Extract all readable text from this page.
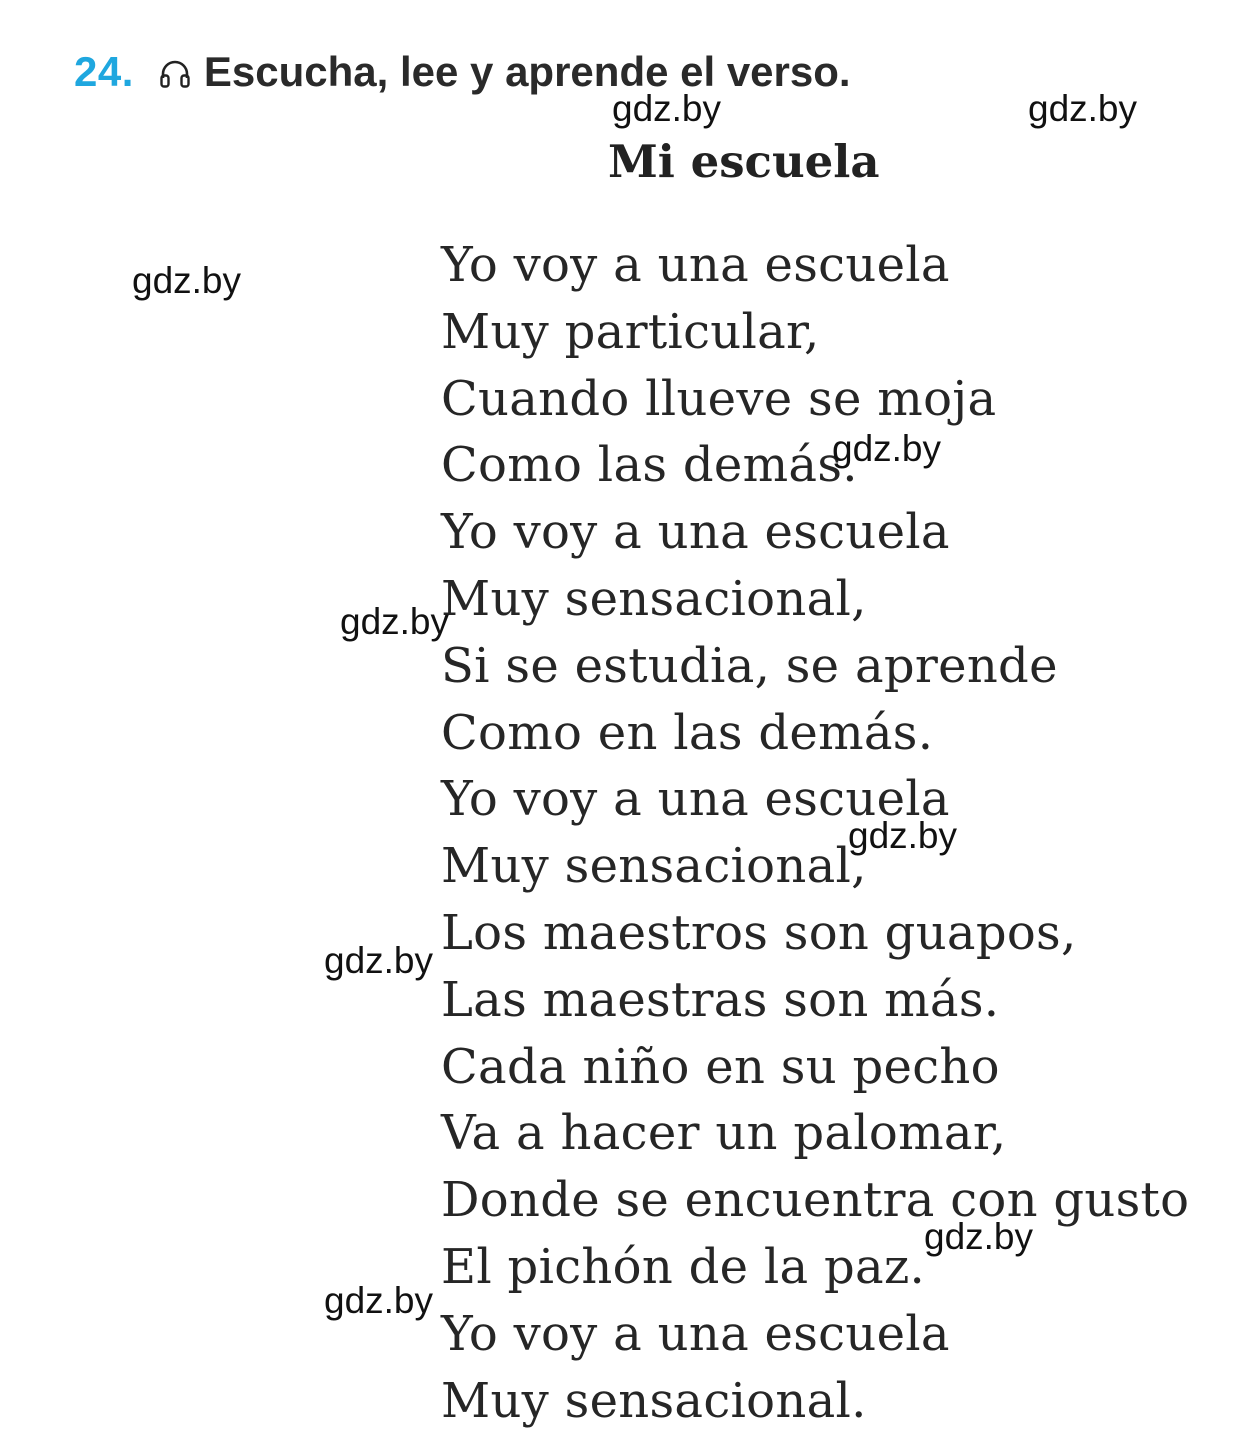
24. Escucha, lee y aprende el verso.
Mi escuela
Yo voy a una escuela
Muy particular,
Cuando llueve se moja
Como las demás.
Yo voy a una escuela
Muy sensacional,
Si se estudia, se aprende
Como en las demás.
Yo voy a una escuela
Muy sensacional,
Los maestros son guapos,
Las maestras son más.
Cada niño en su pecho
Va a hacer un palomar,
Donde se encuentra con gusto
El pichón de la paz.
Yo voy a una escuela
Muy sensacional.
gdz.by	gdz.by
gdz.by
gdz.by
gdz.by
gdz.by
gdz.by
gdz.by
gdz.by
